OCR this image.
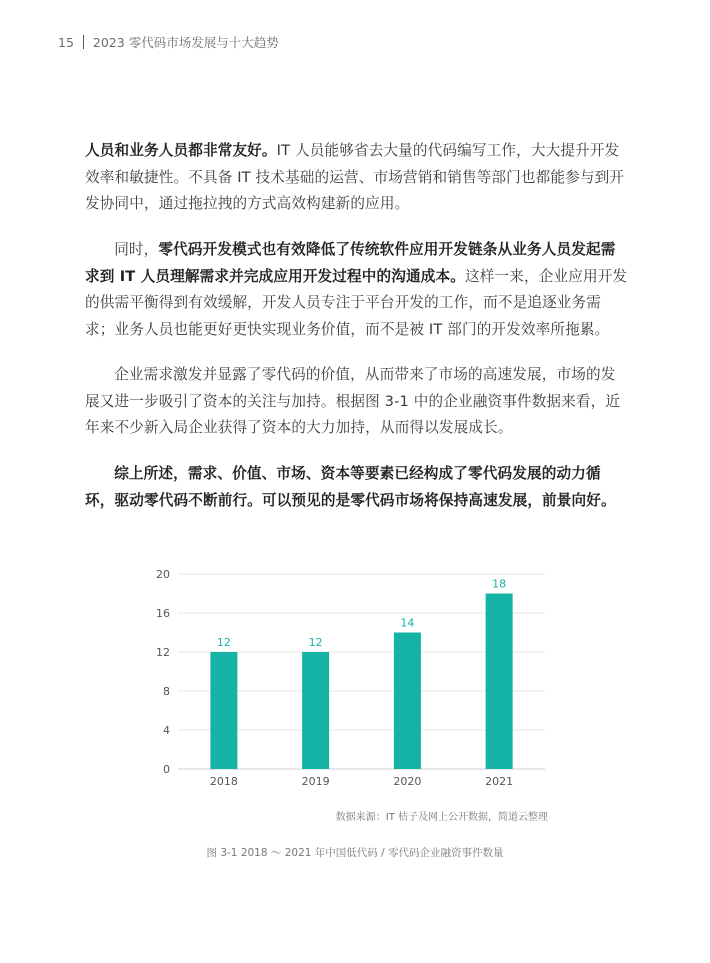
15 2023 零代码市场发展与十大趋势

人员和业务人员都非常友好。IT 人员能够省去大量的代码编写工作，大大提升开发效率和敏捷性。不具备 IT 技术基础的运营、市场营销和销售等部门也都能参与到开发协同中，通过拖拉拽的方式高效构建新的应用。

同时，零代码开发模式也有效降低了传统软件应用开发链条从业务人员发起需求到 IT 人员理解需求并完成应用开发过程中的沟通成本。这样一来，企业应用开发的供需平衡得到有效缓解，开发人员专注于平台开发的工作，而不是追逐业务需求；业务人员也能更好更快实现业务价值，而不是被 IT 部门的开发效率所拖累。

企业需求激发并显露了零代码的价值，从而带来了市场的高速发展，市场的发展又进一步吸引了资本的关注与加持。根据图 3-1 中的企业融资事件数据来看，近年来不少新入局企业获得了资本的大力加持，从而得以发展成长。

综上所述，需求、价值、市场、资本等要素已经构成了零代码发展的动力循环，驱动零代码不断前行。可以预见的是零代码市场将保持高速发展，前景向好。

0
4
8
12
16
20
12
2018
12
2019
14
2020
18
2021
数据来源：IT 桔子及网上公开数据，简道云整理
图 3-1 2018 ～ 2021 年中国低代码 / 零代码企业融资事件数量
